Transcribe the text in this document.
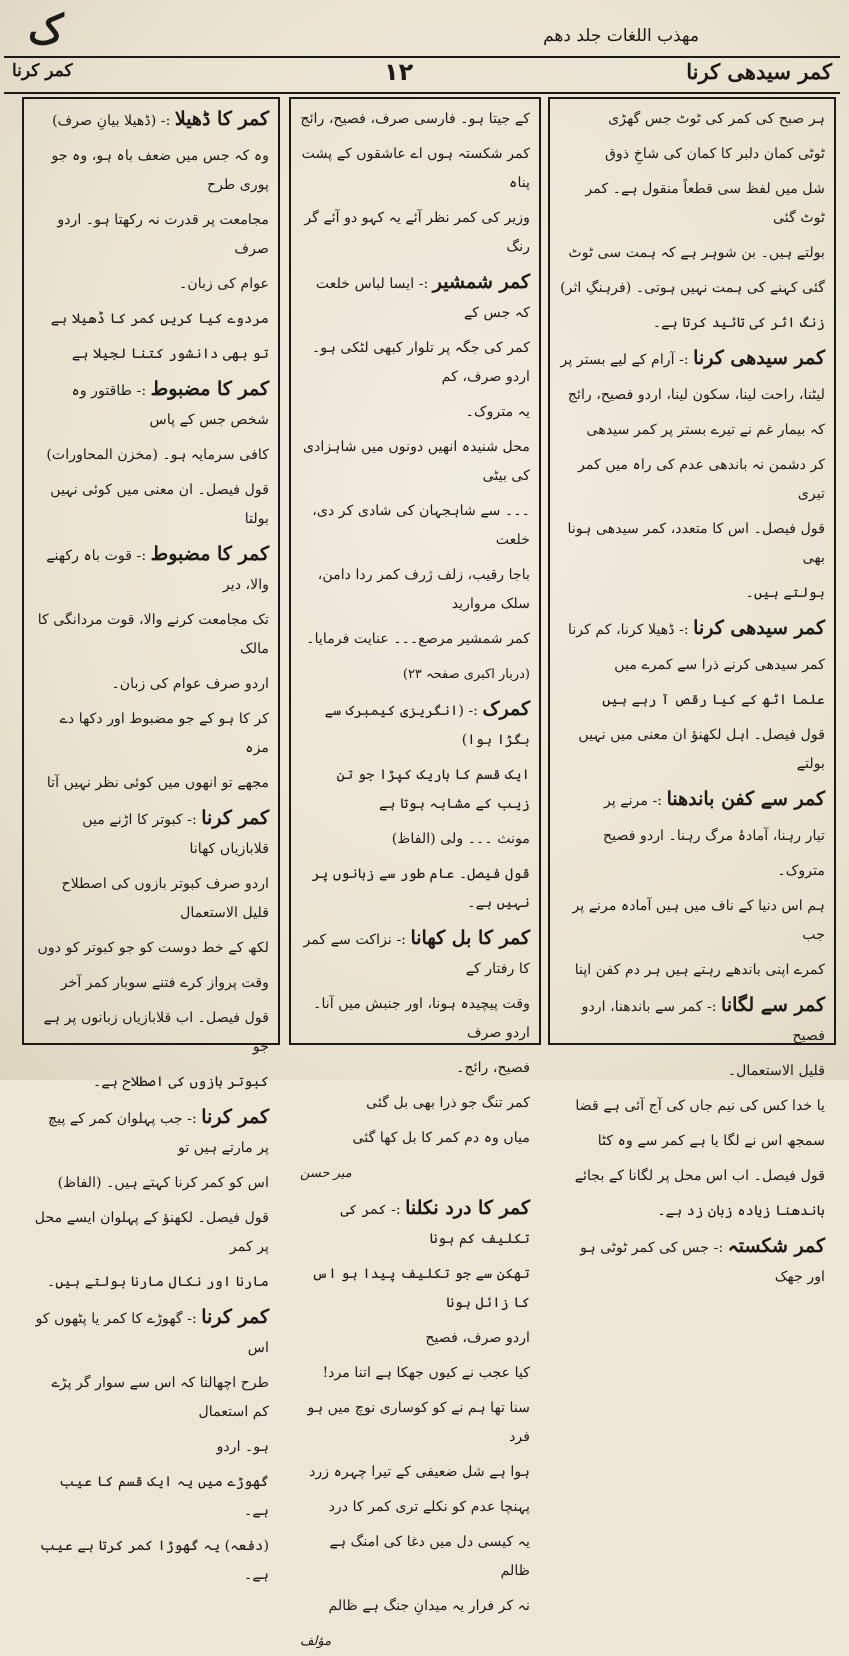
ک	مهذب اللغات جلد دهم
کمر کرنا	۱۲	کمر سیدھی کرنا

ہر صبح کی کمر کی ٹوٹ جس گھڑی

ٹوٹی کمان دلبر کا کمان کی شاخِ ذوق

شل میں لفظ سی قطعاً منقول ہے۔ کمر ٹوٹ گئی

بولتے ہیں۔ بن شوہر ہے کہ ہمت سی ٹوٹ

گئی کہنے کی ہمت نہیں ہوتی۔ (فرہنگِ اثر)

زنگ اثر کی تائید کرتا ہے۔

کمر سیدھی کرنا :- آرام کے لیے بستر پر

لیٹنا، راحت لینا، سکون لینا، اردو فصیح، رائج

کہ بیمار غم نے تیرے بستر پر کمر سیدھی

کر دشمن نہ باندھی عدم کی راہ میں کمر تیری

قول فیصل۔ اس کا متعدد، کمر سیدھی ہونا بھی

بولتے ہیں۔

کمر سیدھی کرنا :- ڈھیلا کرنا، کم کرنا

کمر سیدھی کرنے ذرا سے کمرے میں

علما اٹھ کے کیا رقص آ رہے ہیں

قول فیصل۔ اہل لکھنؤ ان معنی میں نہیں بولتے

کمر سے کفن باندھنا :- مرنے پر

تیار رہنا، آمادۂ مرگ رہنا۔ اردو فصیح

متروک۔

ہم اس دنیا کے ناف میں ہیں آمادہ مرنے پر جب

کمرے اپنی باندھے رہتے ہیں ہر دم کفن اپنا

کمر سے لگانا :- کمر سے باندھنا، اردو فصیح

قلیل الاستعمال۔

یا خدا کس کی نیم جاں کی آج آئی ہے قضا

سمجھ اس نے لگا یا ہے کمر سے وہ کٹا

قول فیصل۔ اب اس محل پر لگانا کے بجائے

باندھنا زیادہ زبان زد ہے۔

کمر شکستہ :- جس کی کمر ٹوٹی ہو اور جھک

کے جیتا ہو۔ فارسی صرف، فصیح، رائج

کمر شکستہ ہوں اے عاشقوں کے پشت پناہ

وزیر کی کمر نظر آئے یہ کہو دو آئے گر رنگ

کمر شمشیر :- ایسا لباس خلعت کہ جس کے

کمر کی جگہ پر تلوار کبھی لٹکی ہو۔ اردو صرف، کم

یہ متروک۔

محل شنیدہ انھیں دونوں میں شاہزادی کی بیٹی

۔۔۔ سے شاہجہان کی شادی کر دی، خلعت

باجا رقیب، زلف ژرف کمر ردا دامن، سلک مروارید

کمر شمشیر مرصع۔۔۔ عنایت فرمایا۔

(دربار اکبری صفحہ ۲۳)

کمرک :- (انگریزی کیمبرک سے بگڑا ہوا)

ایک قسم کا باریک کپڑا جو تن زیب کے مشابہ ہوتا ہے

مونث ۔۔۔ ولی (الفاظ)

قول فیصل۔ عام طور سے زبانوں پر نہیں ہے۔

کمر کا بل کھانا :- نزاکت سے کمر کا رفتار کے

وقت پیچیدہ ہونا، اور جنبش میں آنا۔ اردو صرف

فصیح، رائج۔

کمر تنگ جو ذرا بھی بل گئی

میاں وہ دم کمر کا بل کھا گئی

میر حسن

کمر کا درد نکلنا :- کمر کی تکلیف کم ہونا

تھکن سے جو تکلیف پیدا ہو اس کا زائل ہونا

اردو صرف، فصیح

کیا عجب نے کیوں جھکا ہے اتنا مرد!

سنا تھا ہم نے کو کوساری نوچ میں ہو فرد

ہوا ہے شل ضعیفی کے تیرا چہرہ زرد

پہنچا عدم کو نکلے تری کمر کا درد

یہ کیسی دل میں دغا کی امنگ ہے ظالم

نہ کر فرار یہ میدانِ جنگ ہے ظالم

مؤلف

کمر کا ڈھیلا :- (ڈھیلا بیانِ صرف)

وہ کہ جس میں ضعف باہ ہو، وہ جو پوری طرح

مجامعت پر قدرت نہ رکھتا ہو۔ اردو صرف

عوام کی زبان۔

مردوے کیا کریں کمر کا ڈھیلا ہے

تو بھی دانشور کتنا لجیلا ہے

کمر کا مضبوط :- طاقتور وہ شخص جس کے پاس

کافی سرمایہ ہو۔ (مخزن المحاورات)

قول فیصل۔ ان معنی میں کوئی نہیں بولتا

کمر کا مضبوط :- قوت باہ رکھنے والا، دیر

تک مجامعت کرنے والا، قوت مردانگی کا مالک

اردو صرف عوام کی زبان۔

کر کا ہو کے جو مضبوط اور دکھا دے مزہ

مجھے تو انھوں میں کوئی نظر نہیں آتا

کمر کرنا :- کبوتر کا اڑنے میں قلابازیاں کھانا

اردو صرف کبوتر بازوں کی اصطلاح قلیل الاستعمال

لکھ کے خط دوست کو جو کبوتر کو دوں

وقت پرواز کرے فتنے سوبار کمر آخر

قول فیصل۔ اب قلابازیاں زبانوں پر ہے جو

کبوتر بازوں کی اصطلاح ہے۔

کمر کرنا :- جب پہلوان کمر کے پیچ پر مارتے ہیں تو

اس کو کمر کرنا کہتے ہیں۔ (الفاظ)

قول فیصل۔ لکھنؤ کے پہلوان ایسے محل پر کمر

مارنا اور نکال مارنا بولتے ہیں۔

کمر کرنا :- گھوڑے کا کمر یا پٹھوں کو اس

طرح اچھالنا کہ اس سے سوار گر پڑے کم استعمال

ہو۔ اردو

گھوڑے میں یہ ایک قسم کا عیب ہے۔

(دفعہ) یہ گھوڑا کمر کرتا ہے عیب ہے۔
